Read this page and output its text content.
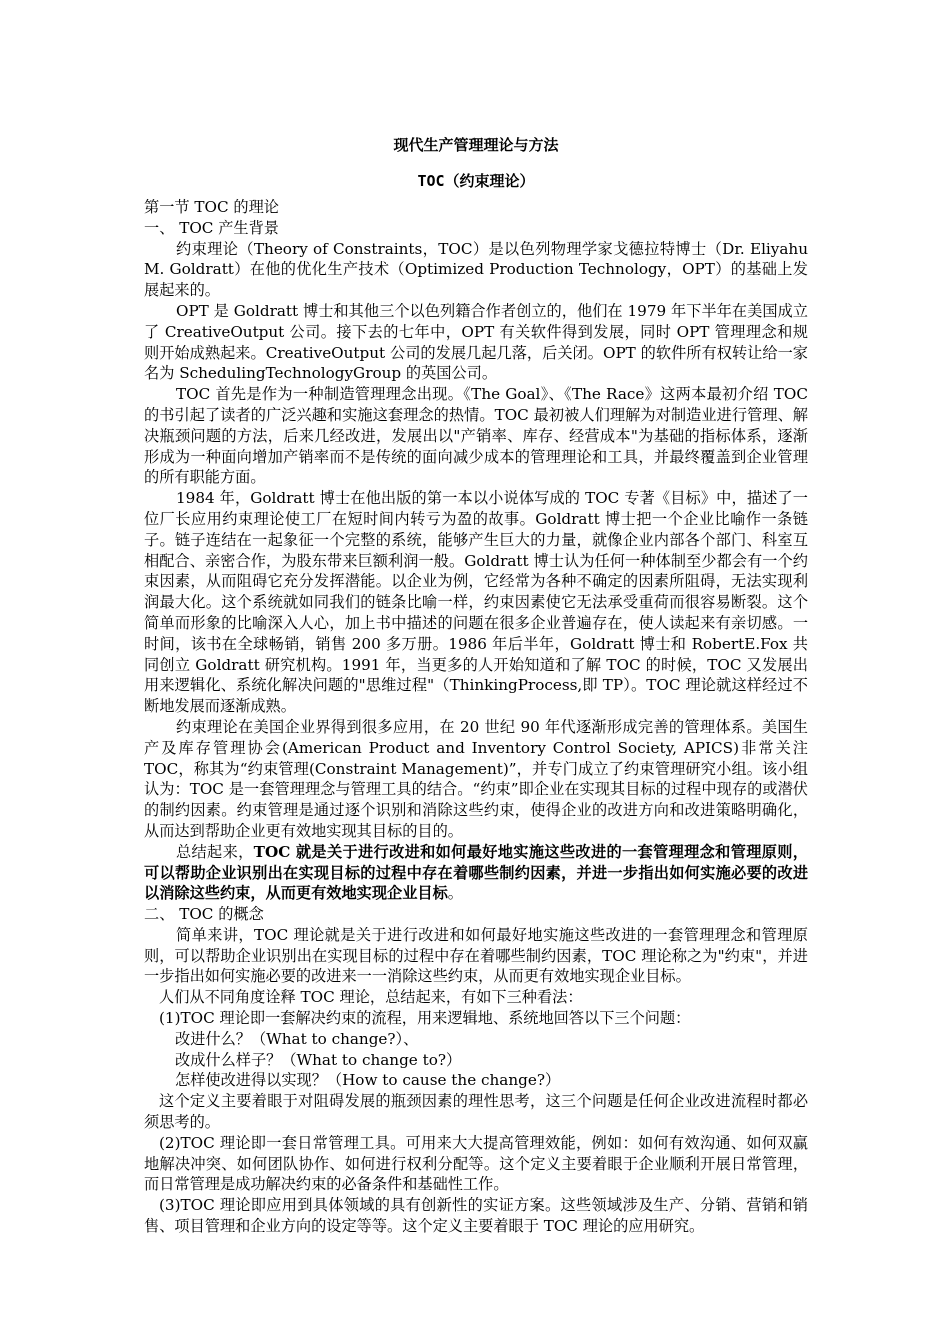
现代生产管理理论与方法

TOC（约束理论）

第一节 TOC 的理论

一、 TOC 产生背景

约束理论（Theory of Constraints，TOC）是以色列物理学家戈德拉特博士（Dr. Eliyahu M. Goldratt）在他的优化生产技术（Optimized Production Technology，OPT）的基础上发展起来的。

OPT 是 Goldratt 博士和其他三个以色列籍合作者创立的，他们在 1979 年下半年在美国成立了 CreativeOutput 公司。接下去的七年中，OPT 有关软件得到发展，同时 OPT 管理理念和规则开始成熟起来。CreativeOutput 公司的发展几起几落，后关闭。OPT 的软件所有权转让给一家名为 SchedulingTechnologyGroup 的英国公司。

TOC 首先是作为一种制造管理理念出现。《The Goal》、《The Race》这两本最初介绍 TOC 的书引起了读者的广泛兴趣和实施这套理念的热情。TOC 最初被人们理解为对制造业进行管理、解决瓶颈问题的方法，后来几经改进，发展出以"产销率、库存、经营成本"为基础的指标体系，逐渐形成为一种面向增加产销率而不是传统的面向减少成本的管理理论和工具，并最终覆盖到企业管理的所有职能方面。

1984 年，Goldratt 博士在他出版的第一本以小说体写成的 TOC 专著《目标》中，描述了一位厂长应用约束理论使工厂在短时间内转亏为盈的故事。Goldratt 博士把一个企业比喻作一条链子。链子连结在一起象征一个完整的系统，能够产生巨大的力量，就像企业内部各个部门、科室互相配合、亲密合作，为股东带来巨额利润一般。Goldratt 博士认为任何一种体制至少都会有一个约束因素，从而阻碍它充分发挥潜能。以企业为例，它经常为各种不确定的因素所阻碍，无法实现利润最大化。这个系统就如同我们的链条比喻一样，约束因素使它无法承受重荷而很容易断裂。这个简单而形象的比喻深入人心，加上书中描述的问题在很多企业普遍存在，使人读起来有亲切感。一时间，该书在全球畅销，销售 200 多万册。1986 年后半年，Goldratt 博士和 RobertE.Fox 共同创立 Goldratt 研究机构。1991 年，当更多的人开始知道和了解 TOC 的时候，TOC 又发展出用来逻辑化、系统化解决问题的"思维过程"（ThinkingProcess,即 TP）。TOC 理论就这样经过不断地发展而逐渐成熟。

约束理论在美国企业界得到很多应用，在 20 世纪 90 年代逐渐形成完善的管理体系。美国生产及库存管理协会(American Product and Inventory Control Society, APICS)非常关注 TOC，称其为“约束管理(Constraint Management)”，并专门成立了约束管理研究小组。该小组认为：TOC 是一套管理理念与管理工具的结合。“约束”即企业在实现其目标的过程中现存的或潜伏的制约因素。约束管理是通过逐个识别和消除这些约束，使得企业的改进方向和改进策略明确化，从而达到帮助企业更有效地实现其目标的目的。

总结起来，TOC 就是关于进行改进和如何最好地实施这些改进的一套管理理念和管理原则，可以帮助企业识别出在实现目标的过程中存在着哪些制约因素，并进一步指出如何实施必要的改进以消除这些约束，从而更有效地实现企业目标。

二、 TOC 的概念

简单来讲，TOC 理论就是关于进行改进和如何最好地实施这些改进的一套管理理念和管理原则，可以帮助企业识别出在实现目标的过程中存在着哪些制约因素，TOC 理论称之为"约束"，并进一步指出如何实施必要的改进来一一消除这些约束，从而更有效地实现企业目标。

人们从不同角度诠释 TOC 理论，总结起来，有如下三种看法：

(1)TOC 理论即一套解决约束的流程，用来逻辑地、系统地回答以下三个问题：

改进什么？（What to change?）、

改成什么样子？（What to change to?）

怎样使改进得以实现？（How to cause the change?）

这个定义主要着眼于对阻碍发展的瓶颈因素的理性思考，这三个问题是任何企业改进流程时都必须思考的。

(2)TOC 理论即一套日常管理工具。可用来大大提高管理效能，例如：如何有效沟通、如何双赢地解决冲突、如何团队协作、如何进行权利分配等。这个定义主要着眼于企业顺利开展日常管理，而日常管理是成功解决约束的必备条件和基础性工作。

(3)TOC 理论即应用到具体领域的具有创新性的实证方案。这些领域涉及生产、分销、营销和销售、项目管理和企业方向的设定等等。这个定义主要着眼于 TOC 理论的应用研究。
